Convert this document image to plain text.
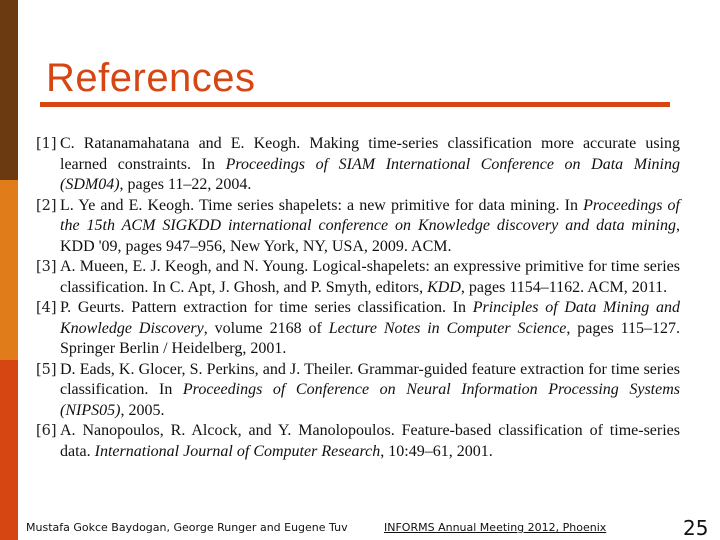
References
[1] C. Ratanamahatana and E. Keogh. Making time-series classification more accurate using learned constraints. In Proceedings of SIAM International Conference on Data Mining (SDM04), pages 11–22, 2004.
[2] L. Ye and E. Keogh. Time series shapelets: a new primitive for data mining. In Proceedings of the 15th ACM SIGKDD international conference on Knowledge discovery and data mining, KDD '09, pages 947–956, New York, NY, USA, 2009. ACM.
[3] A. Mueen, E. J. Keogh, and N. Young. Logical-shapelets: an expressive primitive for time series classification. In C. Apt, J. Ghosh, and P. Smyth, editors, KDD, pages 1154–1162. ACM, 2011.
[4] P. Geurts. Pattern extraction for time series classification. In Principles of Data Mining and Knowledge Discovery, volume 2168 of Lecture Notes in Computer Science, pages 115–127. Springer Berlin / Heidelberg, 2001.
[5] D. Eads, K. Glocer, S. Perkins, and J. Theiler. Grammar-guided feature extraction for time series classification. In Proceedings of Conference on Neural Information Processing Systems (NIPS05), 2005.
[6] A. Nanopoulos, R. Alcock, and Y. Manolopoulos. Feature-based classification of time-series data. International Journal of Computer Research, 10:49–61, 2001.
Mustafa Gokce Baydogan, George Runger and Eugene Tuv	INFORMS Annual Meeting 2012, Phoenix	25
